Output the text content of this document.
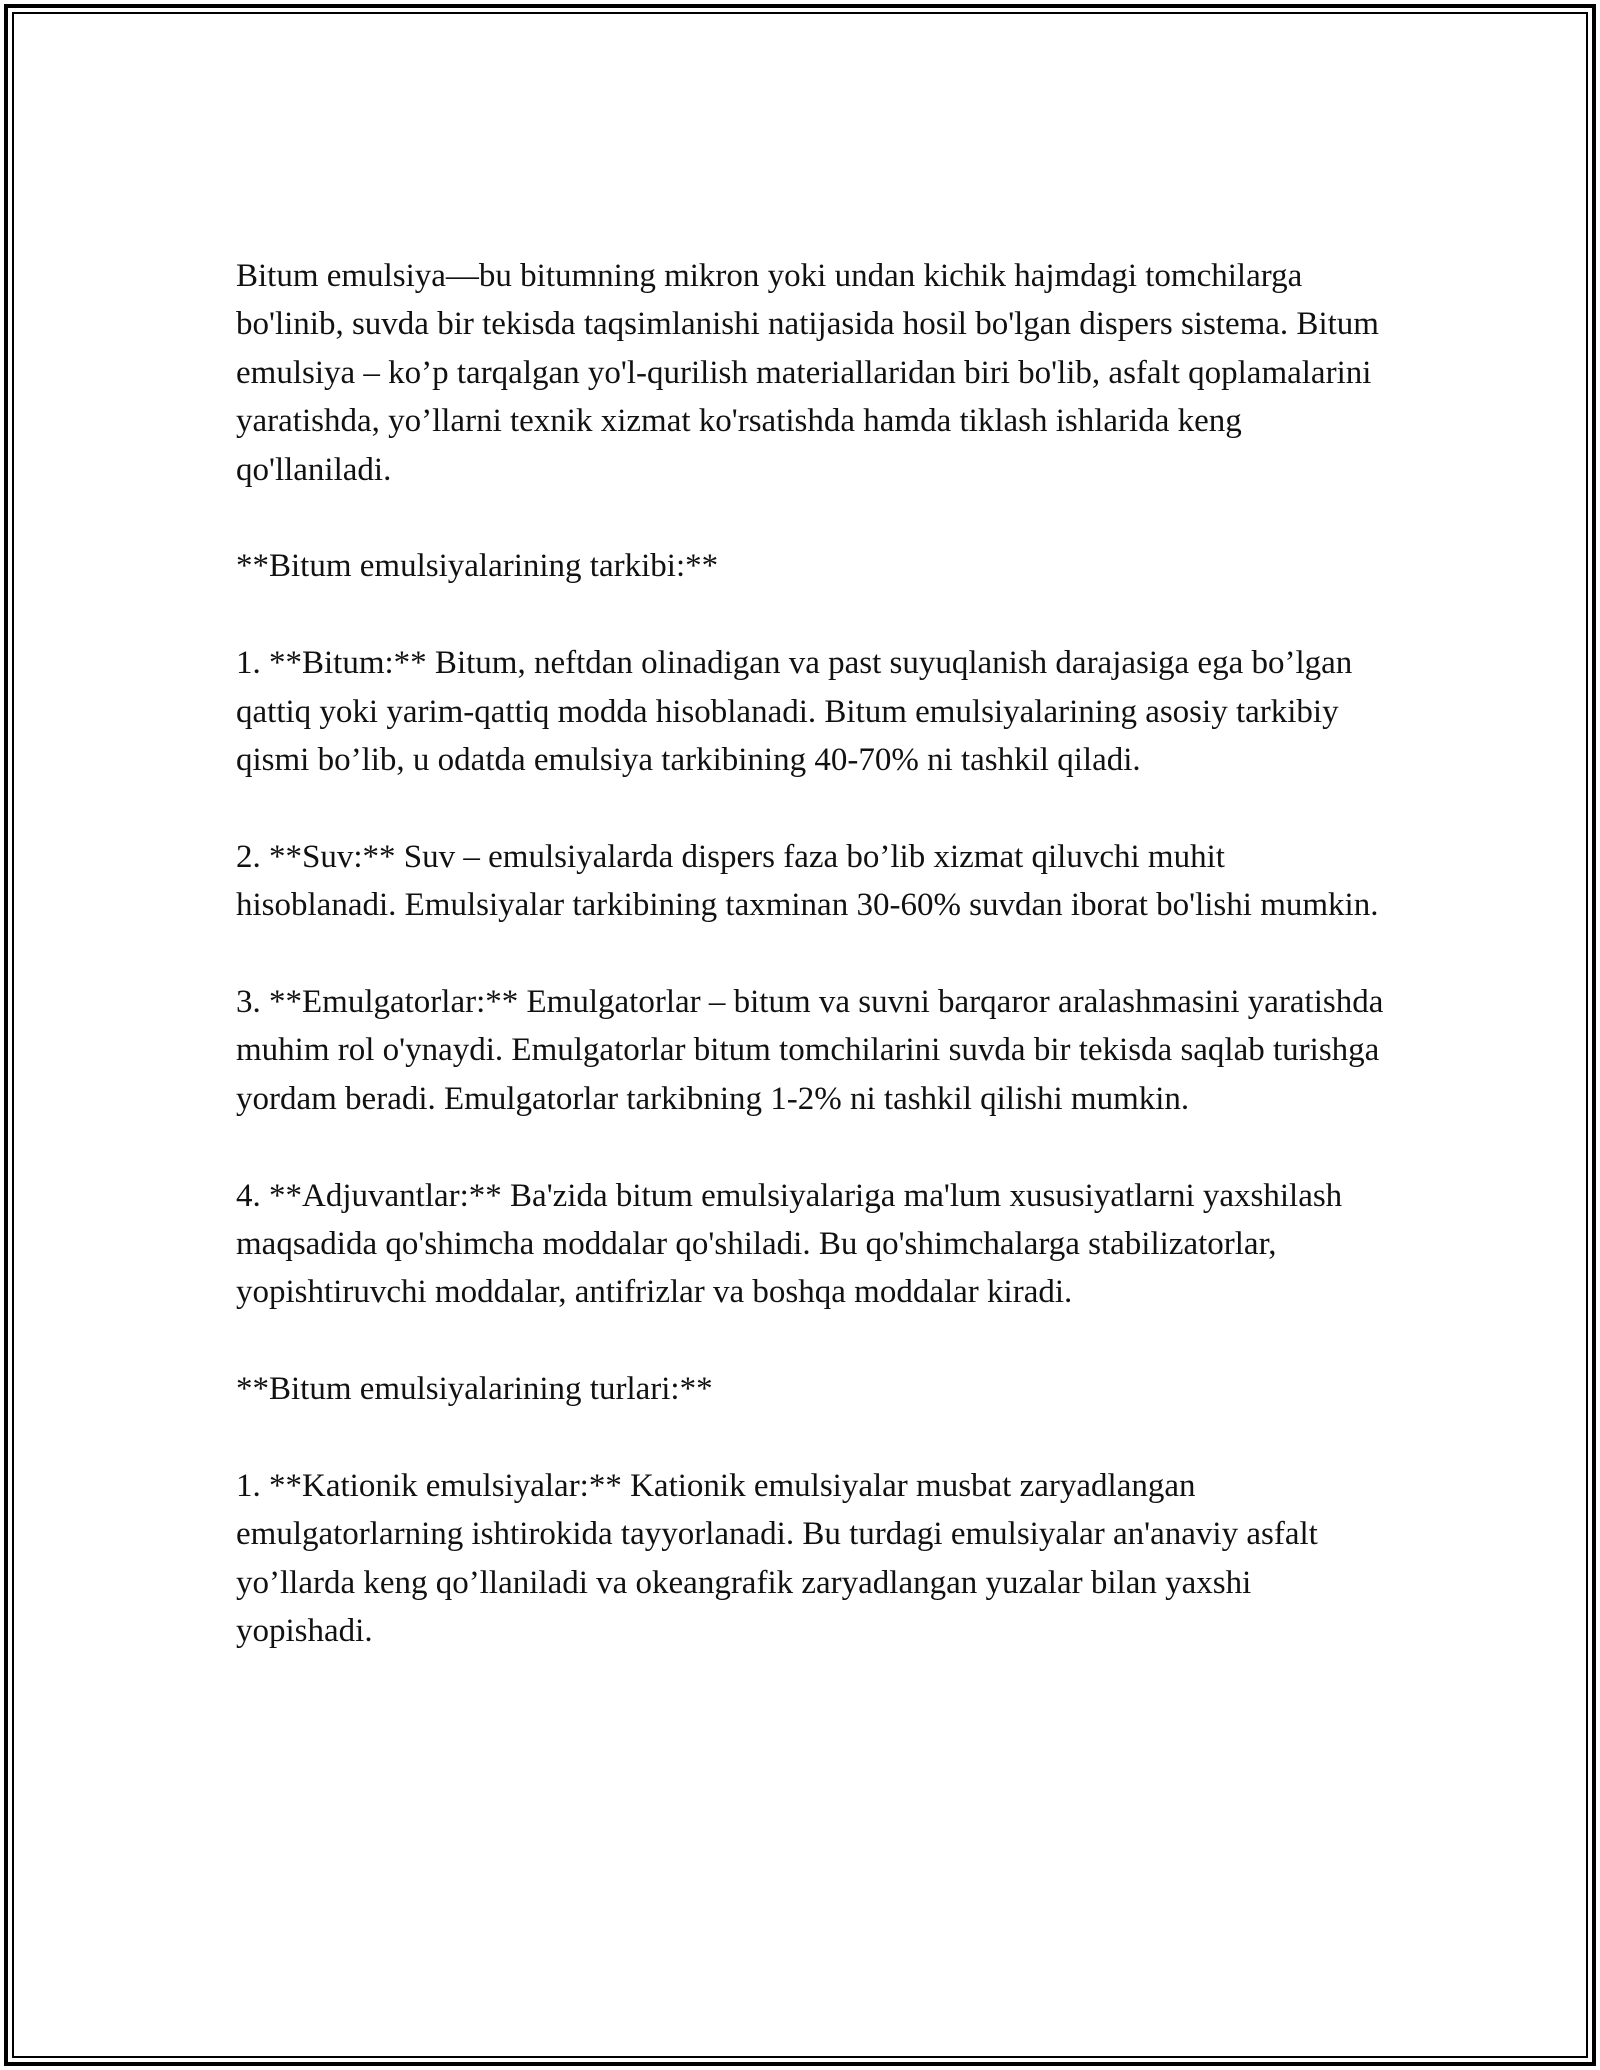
Bitum emulsiya—bu bitumning mikron yoki undan kichik hajmdagi tomchilarga bo'linib, suvda bir tekisda taqsimlanishi natijasida hosil bo'lgan dispers sistema. Bitum emulsiya – ko’p tarqalgan yo'l-qurilish materiallaridan biri bo'lib, asfalt qoplamalarini yaratishda, yo’llarni texnik xizmat ko'rsatishda hamda tiklash ishlarida keng qo'llaniladi.

**Bitum emulsiyalarining tarkibi:**

1. **Bitum:** Bitum, neftdan olinadigan va past suyuqlanish darajasiga ega bo’lgan qattiq yoki yarim-qattiq modda hisoblanadi. Bitum emulsiyalarining asosiy tarkibiy qismi bo’lib, u odatda emulsiya tarkibining 40-70% ni tashkil qiladi.

2. **Suv:** Suv – emulsiyalarda dispers faza bo’lib xizmat qiluvchi muhit hisoblanadi. Emulsiyalar tarkibining taxminan 30-60% suvdan iborat bo'lishi mumkin.

3. **Emulgatorlar:** Emulgatorlar – bitum va suvni barqaror aralashmasini yaratishda muhim rol o'ynaydi. Emulgatorlar bitum tomchilarini suvda bir tekisda saqlab turishga yordam beradi. Emulgatorlar tarkibning 1-2% ni tashkil qilishi mumkin.

4. **Adjuvantlar:** Ba'zida bitum emulsiyalariga ma'lum xususiyatlarni yaxshilash maqsadida qo'shimcha moddalar qo'shiladi. Bu qo'shimchalarga stabilizatorlar, yopishtiruvchi moddalar, antifrizlar va boshqa moddalar kiradi.

**Bitum emulsiyalarining turlari:**

1. **Kationik emulsiyalar:** Kationik emulsiyalar musbat zaryadlangan emulgatorlarning ishtirokida tayyorlanadi. Bu turdagi emulsiyalar an'anaviy asfalt yo’llarda keng qo’llaniladi va okeangrafik zaryadlangan yuzalar bilan yaxshi yopishadi.
